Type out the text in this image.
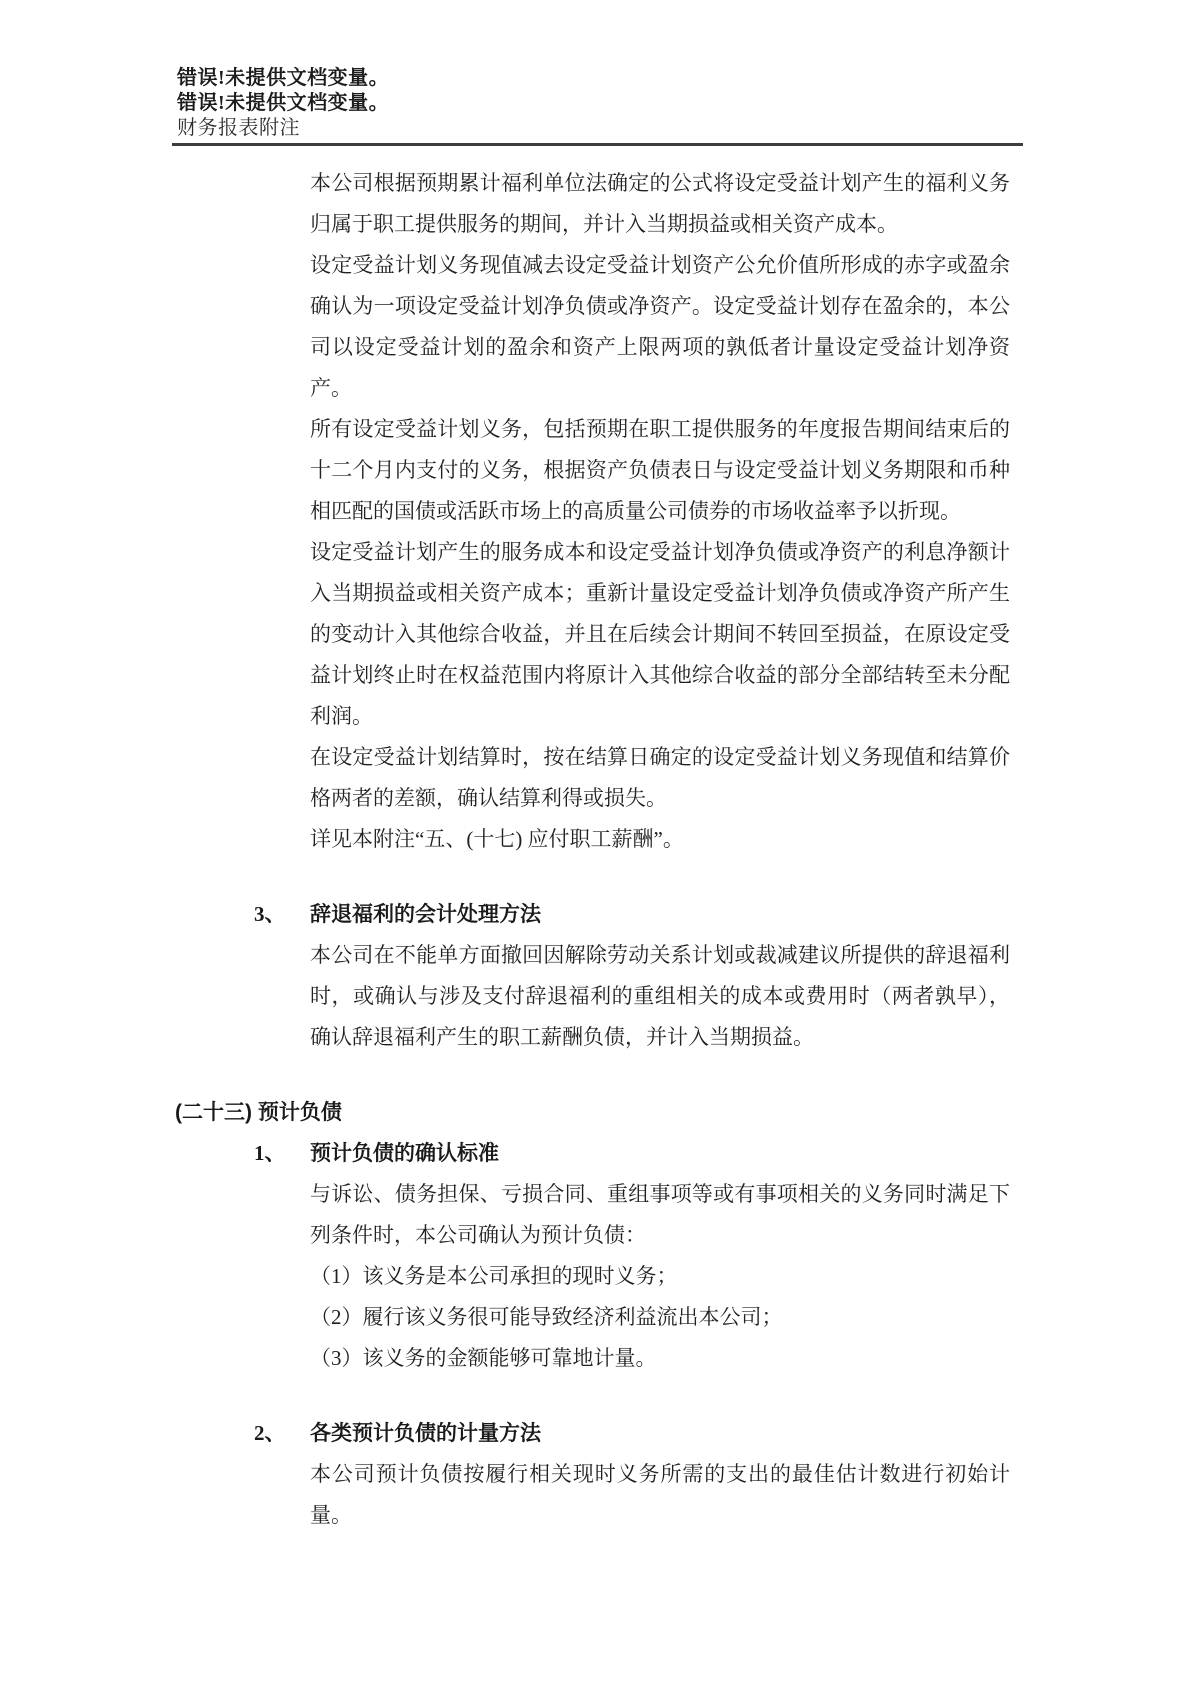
错误!未提供文档变量。
错误!未提供文档变量。
财务报表附注

本公司根据预期累计福利单位法确定的公式将设定受益计划产生的福利义务归属于职工提供服务的期间，并计入当期损益或相关资产成本。

设定受益计划义务现值减去设定受益计划资产公允价值所形成的赤字或盈余确认为一项设定受益计划净负债或净资产。设定受益计划存在盈余的，本公司以设定受益计划的盈余和资产上限两项的孰低者计量设定受益计划净资产。

所有设定受益计划义务，包括预期在职工提供服务的年度报告期间结束后的十二个月内支付的义务，根据资产负债表日与设定受益计划义务期限和币种相匹配的国债或活跃市场上的高质量公司债券的市场收益率予以折现。

设定受益计划产生的服务成本和设定受益计划净负债或净资产的利息净额计入当期损益或相关资产成本；重新计量设定受益计划净负债或净资产所产生的变动计入其他综合收益，并且在后续会计期间不转回至损益，在原设定受益计划终止时在权益范围内将原计入其他综合收益的部分全部结转至未分配利润。

在设定受益计划结算时，按在结算日确定的设定受益计划义务现值和结算价格两者的差额，确认结算利得或损失。

详见本附注“五、(十七) 应付职工薪酬”。

3、	辞退福利的会计处理方法

本公司在不能单方面撤回因解除劳动关系计划或裁减建议所提供的辞退福利时，或确认与涉及支付辞退福利的重组相关的成本或费用时（两者孰早），确认辞退福利产生的职工薪酬负债，并计入当期损益。

(二十三) 预计负债
1、	预计负债的确认标准

与诉讼、债务担保、亏损合同、重组事项等或有事项相关的义务同时满足下列条件时，本公司确认为预计负债：

（1）该义务是本公司承担的现时义务；

（2）履行该义务很可能导致经济利益流出本公司；

（3）该义务的金额能够可靠地计量。

2、	各类预计负债的计量方法

本公司预计负债按履行相关现时义务所需的支出的最佳估计数进行初始计量。
